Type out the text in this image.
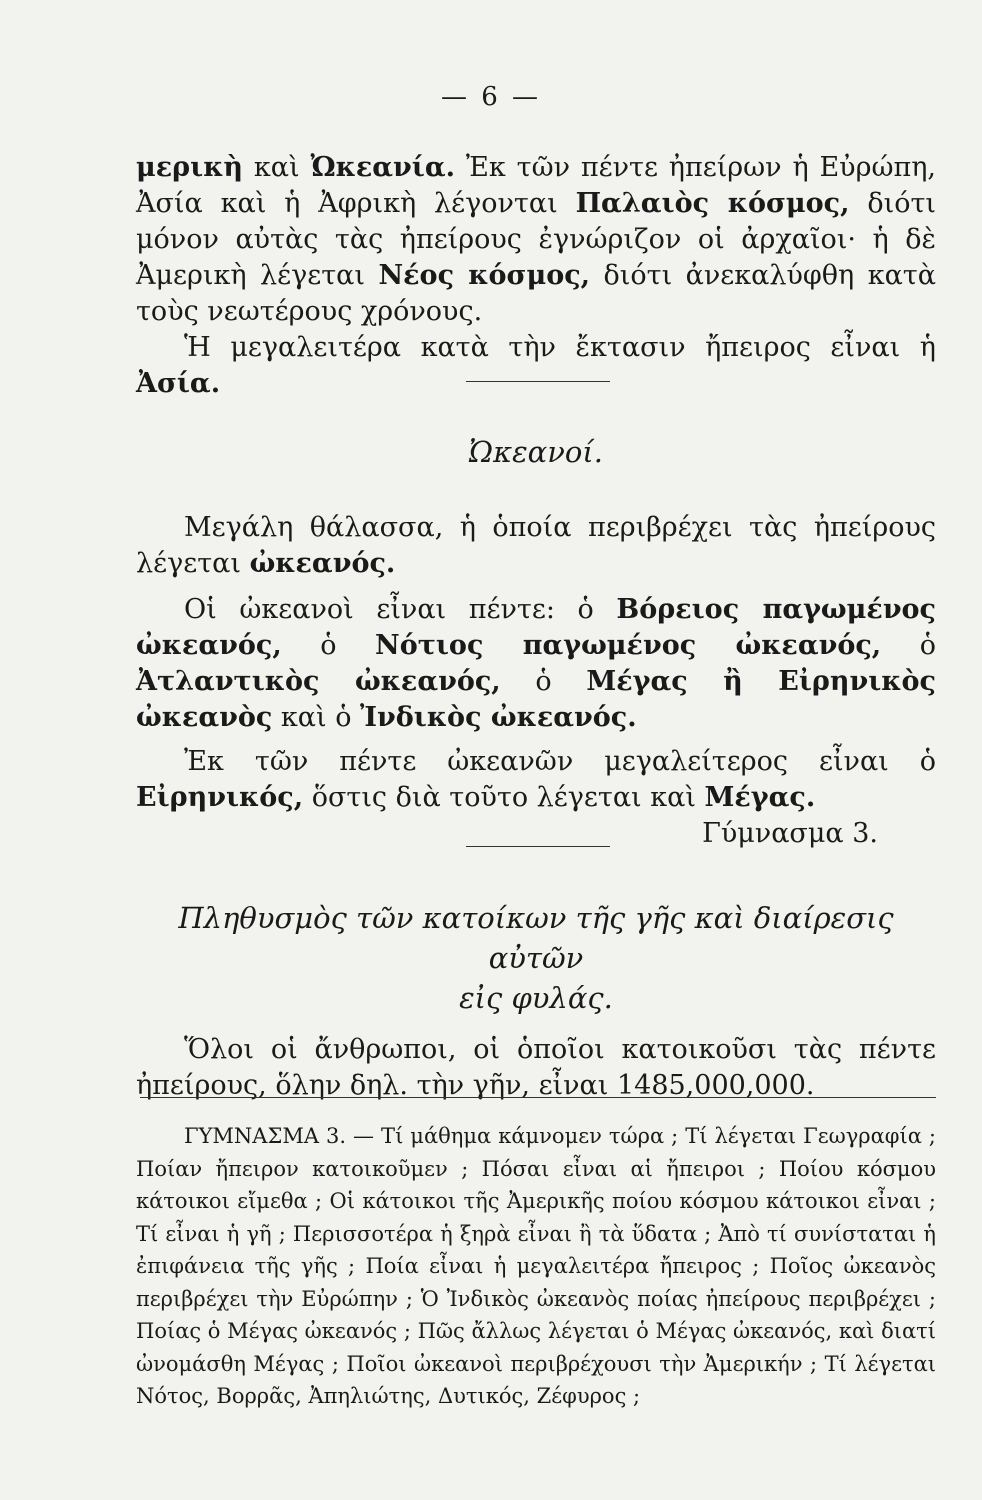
— 6 —

μερικὴ καὶ Ὠκεανία. Ἐκ τῶν πέντε ἠπείρων ἡ Εὐρώπη, Ἀσία καὶ ἡ Ἀφρικὴ λέγονται Παλαιὸς κόσμος, διότι μόνον αὐτὰς τὰς ἠπείρους ἐγνώριζον οἱ ἀρχαῖοι· ἡ δὲ Ἀμερικὴ λέγεται Νέος κόσμος, διότι ἀνεκαλύφθη κατὰ τοὺς νεωτέρους χρόνους.

Ἡ μεγαλειτέρα κατὰ τὴν ἔκτασιν ἤπειρος εἶναι ἡ Ἀσία.

Ὠκεανοί.

Μεγάλη θάλασσα, ἡ ὁποία περιβρέχει τὰς ἠπείρους λέγεται ὠκεανός.

Οἱ ὠκεανοὶ εἶναι πέντε: ὁ Βόρειος παγωμένος ὠκεανός, ὁ Νότιος παγωμένος ὠκεανός, ὁ Ἀτλαντικὸς ὠκεανός, ὁ Μέγας ἢ Εἰρηνικὸς ὠκεανὸς καὶ ὁ Ἰνδικὸς ὠκεανός.

Ἐκ τῶν πέντε ὠκεανῶν μεγαλείτερος εἶναι ὁ Εἰρηνικός, ὅστις διὰ τοῦτο λέγεται καὶ Μέγας.
Γύμνασμα 3.

Πληθυσμὸς τῶν κατοίκων τῆς γῆς καὶ διαίρεσις αὐτῶν

εἰς φυλάς.

Ὅλοι οἱ ἄνθρωποι, οἱ ὁποῖοι κατοικοῦσι τὰς πέντε ἠπείρους, ὅλην δηλ. τὴν γῆν, εἶναι 1485,000,000.

ΓΥΜΝΑΣΜΑ 3. — Τί μάθημα κάμνομεν τώρα ; Τί λέγεται Γεωγραφία ; Ποίαν ἤπειρον κατοικοῦμεν ; Πόσαι εἶναι αἱ ἤπειροι ; Ποίου κόσμου κάτοικοι εἴμεθα ; Οἱ κάτοικοι τῆς Ἀμερικῆς ποίου κόσμου κάτοικοι εἶναι ; Τί εἶναι ἡ γῆ ; Περισσοτέρα ἡ ξηρὰ εἶναι ἢ τὰ ὕδατα ; Ἀπὸ τί συνίσταται ἡ ἐπιφάνεια τῆς γῆς ; Ποία εἶναι ἡ μεγαλειτέρα ἤπειρος ; Ποῖος ὠκεανὸς περιβρέχει τὴν Εὐρώπην ; Ὁ Ἰνδικὸς ὠκεανὸς ποίας ἠπείρους περιβρέχει ; Ποίας ὁ Μέγας ὠκεανός ; Πῶς ἄλλως λέγεται ὁ Μέγας ὠκεανός, καὶ διατί ὠνομάσθη Μέγας ; Ποῖοι ὠκεανοὶ περιβρέχουσι τὴν Ἀμερικήν ; Τί λέγεται Νότος, Βορρᾶς, Ἀπηλιώτης, Δυτικός, Ζέφυρος ;
